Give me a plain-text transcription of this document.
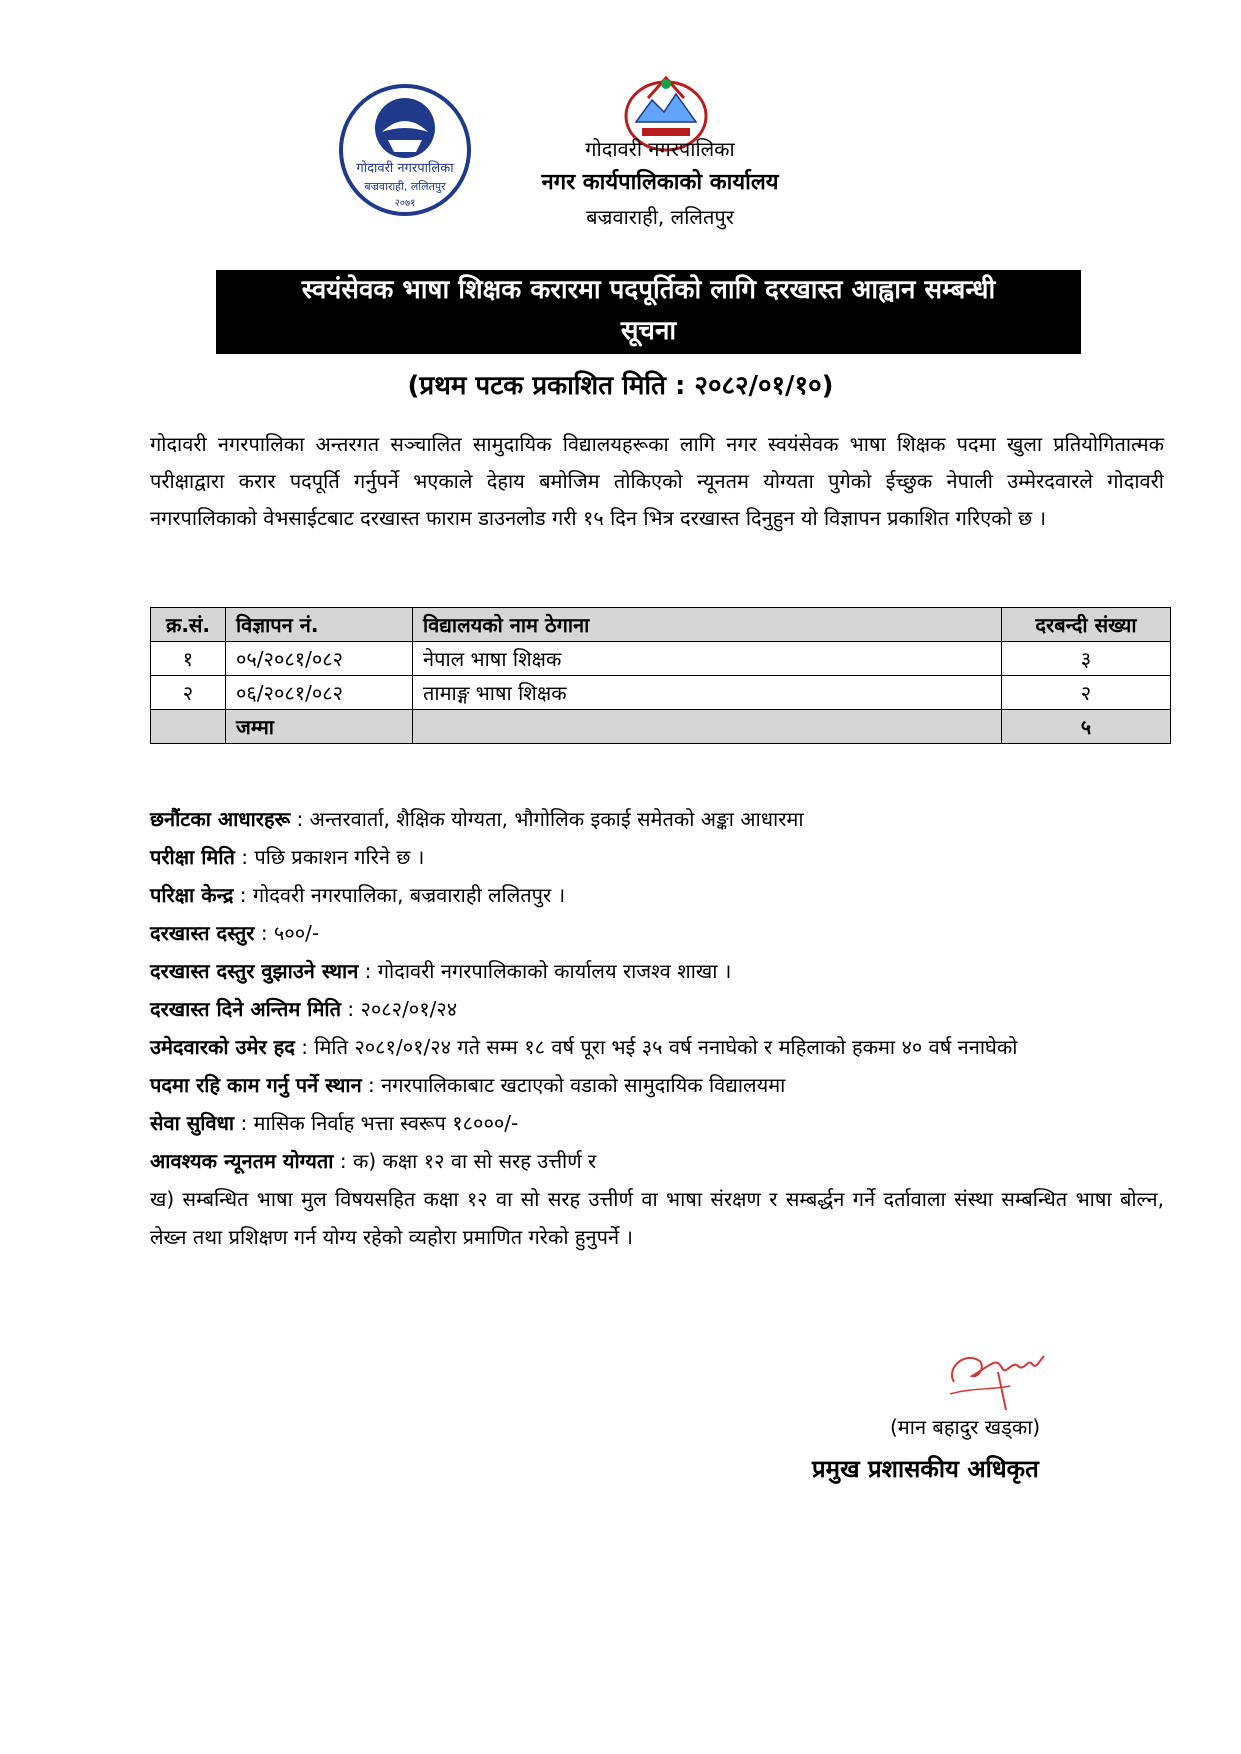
गोदावरी नगरपालिका
बज्रवाराही, ललितपुर
२०७१
गोदावरी नगरपालिका
नगर कार्यपालिकाको कार्यालय
बज्रवाराही, ललितपुर
स्वयंसेवक भाषा शिक्षक करारमा पदपूर्तिको लागि दरखास्त आह्वान सम्बन्धी
सूचना
(प्रथम पटक प्रकाशित मिति : २०८२/०१/१०)
गोदावरी नगरपालिका अन्तरगत सञ्चालित सामुदायिक विद्यालयहरूका लागि नगर स्वयंसेवक भाषा शिक्षक पदमा खुला प्रतियोगितात्मक परीक्षाद्वारा करार पदपूर्ति गर्नुपर्ने भएकाले देहाय बमोजिम तोकिएको न्यूनतम योग्यता पुगेको ईच्छुक नेपाली उम्मेरदवारले गोदावरी नगरपालिकाको वेभसाईटबाट दरखास्त फाराम डाउनलोड गरी १५ दिन भित्र दरखास्त दिनुहुन यो विज्ञापन प्रकाशित गरिएको छ ।
क्र.सं.	विज्ञापन नं.	विद्यालयको नाम ठेगाना	दरबन्दी संख्या
१	०५/२०८१/०८२	नेपाल भाषा शिक्षक	३
२	०६/२०८१/०८२	तामाङ्ग भाषा शिक्षक	२
	जम्मा		५

छनौंटका आधारहरू : अन्तरवार्ता, शैक्षिक योग्यता, भौगोलिक इकाई समेतको अङ्का आधारमा

परीक्षा मिति : पछि प्रकाशन गरिने छ ।

परिक्षा केन्द्र : गोदवरी नगरपालिका, बज्रवाराही ललितपुर ।

दरखास्त दस्तुर : ५००/-

दरखास्त दस्तुर वुझाउने स्थान : गोदावरी नगरपालिकाको कार्यालय राजश्व शाखा ।

दरखास्त दिने अन्तिम मिति : २०८२/०१/२४

उमेदवारको उमेर हद : मिति २०८१/०१/२४ गते सम्म १८ वर्ष पूरा भई ३५ वर्ष ननाघेको र महिलाको हकमा ४० वर्ष ननाघेको

पदमा रहि काम गर्नु पर्ने स्थान : नगरपालिकाबाट खटाएको वडाको सामुदायिक विद्यालयमा

सेवा सुविधा : मासिक निर्वाह भत्ता स्वरूप १८०००/-

आवश्यक न्यूनतम योग्यता : क) कक्षा १२ वा सो सरह उत्तीर्ण र

ख) सम्बन्धित भाषा मुल विषयसहित कक्षा १२ वा सो सरह उत्तीर्ण वा भाषा संरक्षण र सम्बर्द्धन गर्ने दर्तावाला संस्था सम्बन्धित भाषा बोल्न, लेख्न तथा प्रशिक्षण गर्न योग्य रहेको व्यहोरा प्रमाणित गरेको हुनुपर्ने ।

(मान बहादुर खड्का)
प्रमुख प्रशासकीय अधिकृत
